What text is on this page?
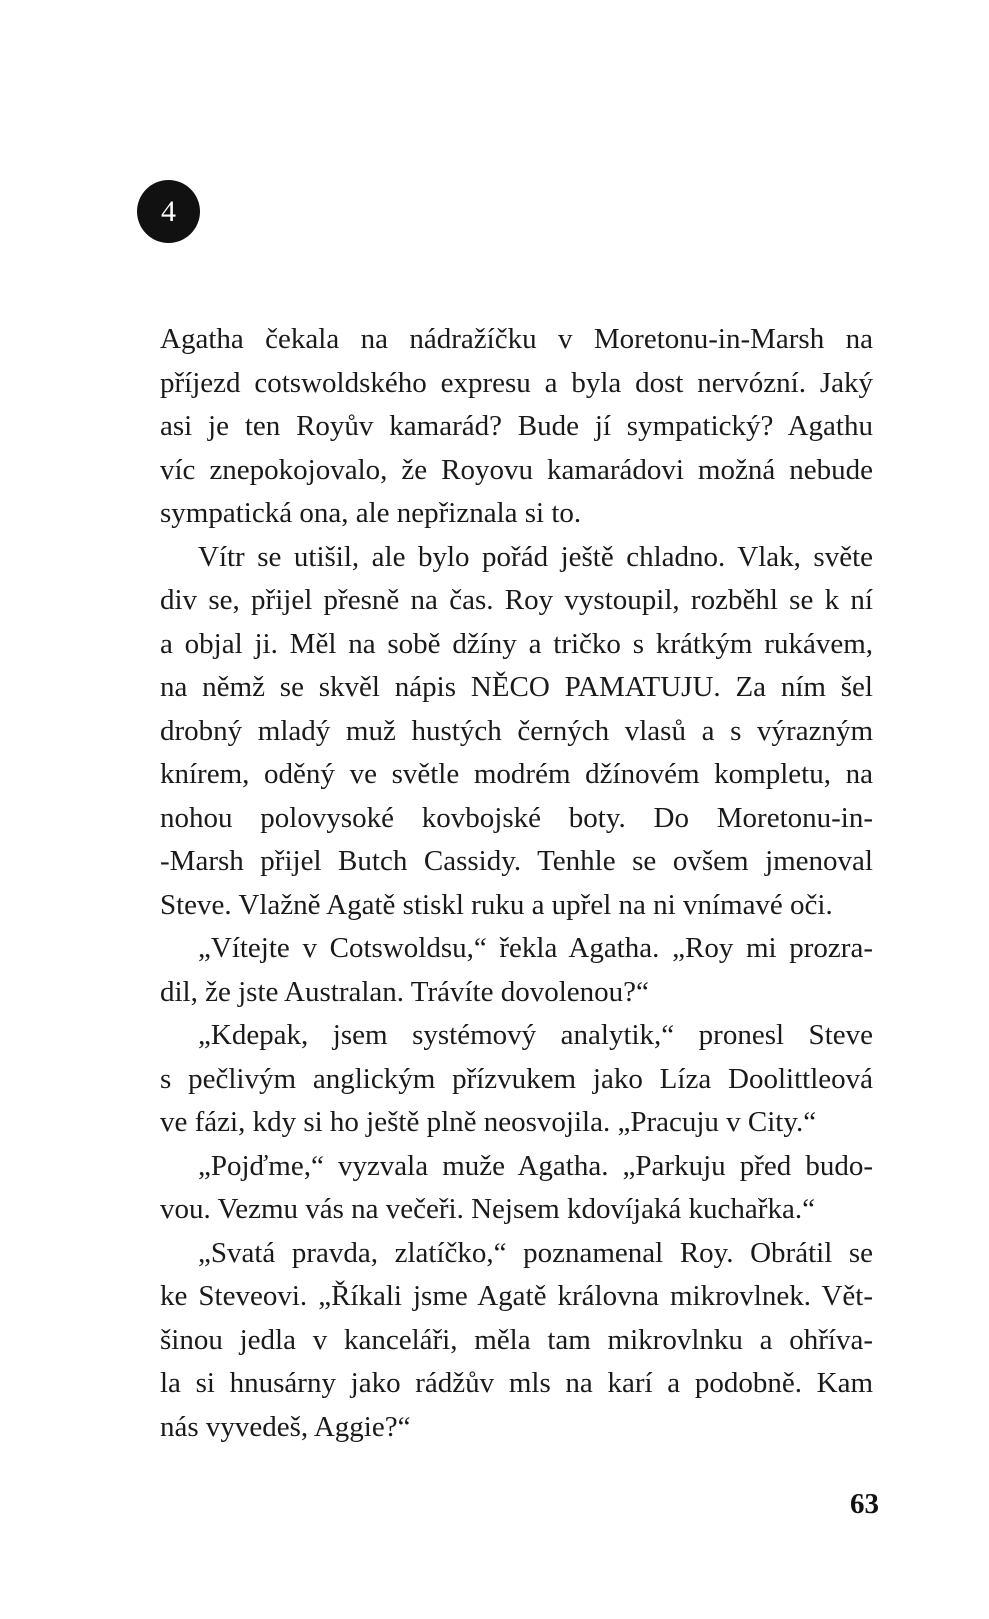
4
Agatha čekala na nádražíčku v Moretonu-in-Marsh na
příjezd cotswoldského expresu a byla dost nervózní. Jaký
asi je ten Royův kamarád? Bude jí sympatický? Agathu
víc znepokojovalo, že Royovu kamarádovi možná nebude
sympatická ona, ale nepřiznala si to.
Vítr se utišil, ale bylo pořád ještě chladno. Vlak, světe
div se, přijel přesně na čas. Roy vystoupil, rozběhl se k ní
a objal ji. Měl na sobě džíny a tričko s krátkým rukávem,
na němž se skvěl nápis NĚCO PAMATUJU. Za ním šel
drobný mladý muž hustých černých vlasů a s výrazným
knírem, oděný ve světle modrém džínovém kompletu, na
nohou polovysoké kovbojské boty. Do Moretonu-in-
-Marsh přijel Butch Cassidy. Tenhle se ovšem jmenoval
Steve. Vlažně Agatě stiskl ruku a upřel na ni vnímavé oči.
„Vítejte v Cotswoldsu,“ řekla Agatha. „Roy mi prozra-
dil, že jste Australan. Trávíte dovolenou?“
„Kdepak, jsem systémový analytik,“ pronesl Steve
s pečlivým anglickým přízvukem jako Líza Doolittleová
ve fázi, kdy si ho ještě plně neosvojila. „Pracuju v City.“
„Pojďme,“ vyzvala muže Agatha. „Parkuju před budo-
vou. Vezmu vás na večeři. Nejsem kdovíjaká kuchařka.“
„Svatá pravda, zlatíčko,“ poznamenal Roy. Obrátil se
ke Steveovi. „Říkali jsme Agatě královna mikrovlnek. Vět-
šinou jedla v kanceláři, měla tam mikrovlnku a ohříva-
la si hnusárny jako rádžův mls na karí a podobně. Kam
nás vyvedeš, Aggie?“
63
